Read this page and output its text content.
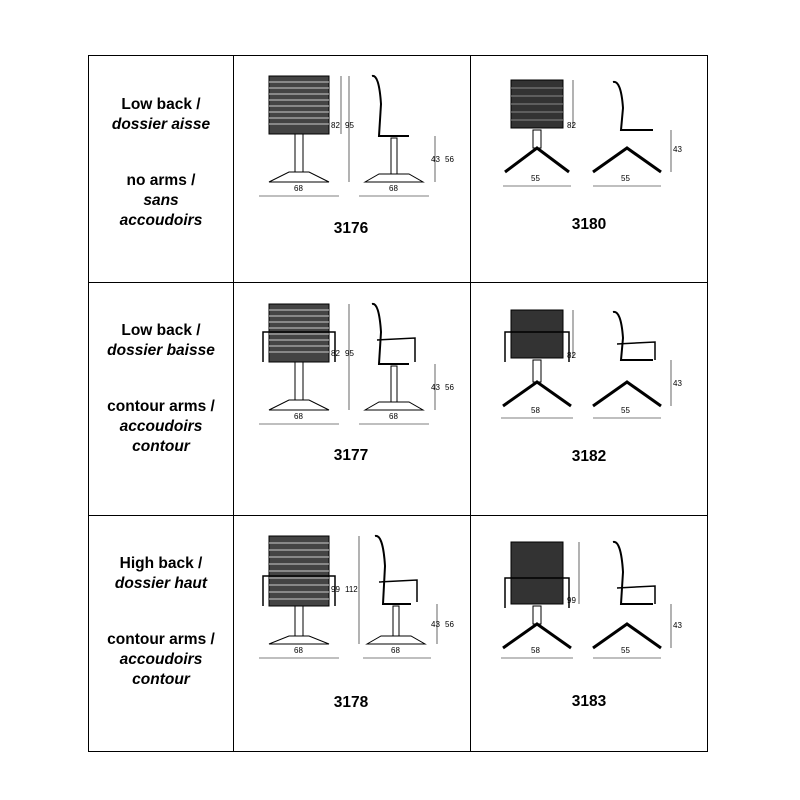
Low back /
dossier aisse
no arms /
sans
accoudoirs
68
82 95
68
43 56
3176
55
82
55
43
3180
Low back /
dossier baisse
contour arms /
accoudoirs
contour
68
82 95
68
43 56
3177
58
82
55
43
3182
High back /
dossier haut
contour arms /
accoudoirs
contour
68
99 112
68
43 56
3178
58
99
55
43
3183
